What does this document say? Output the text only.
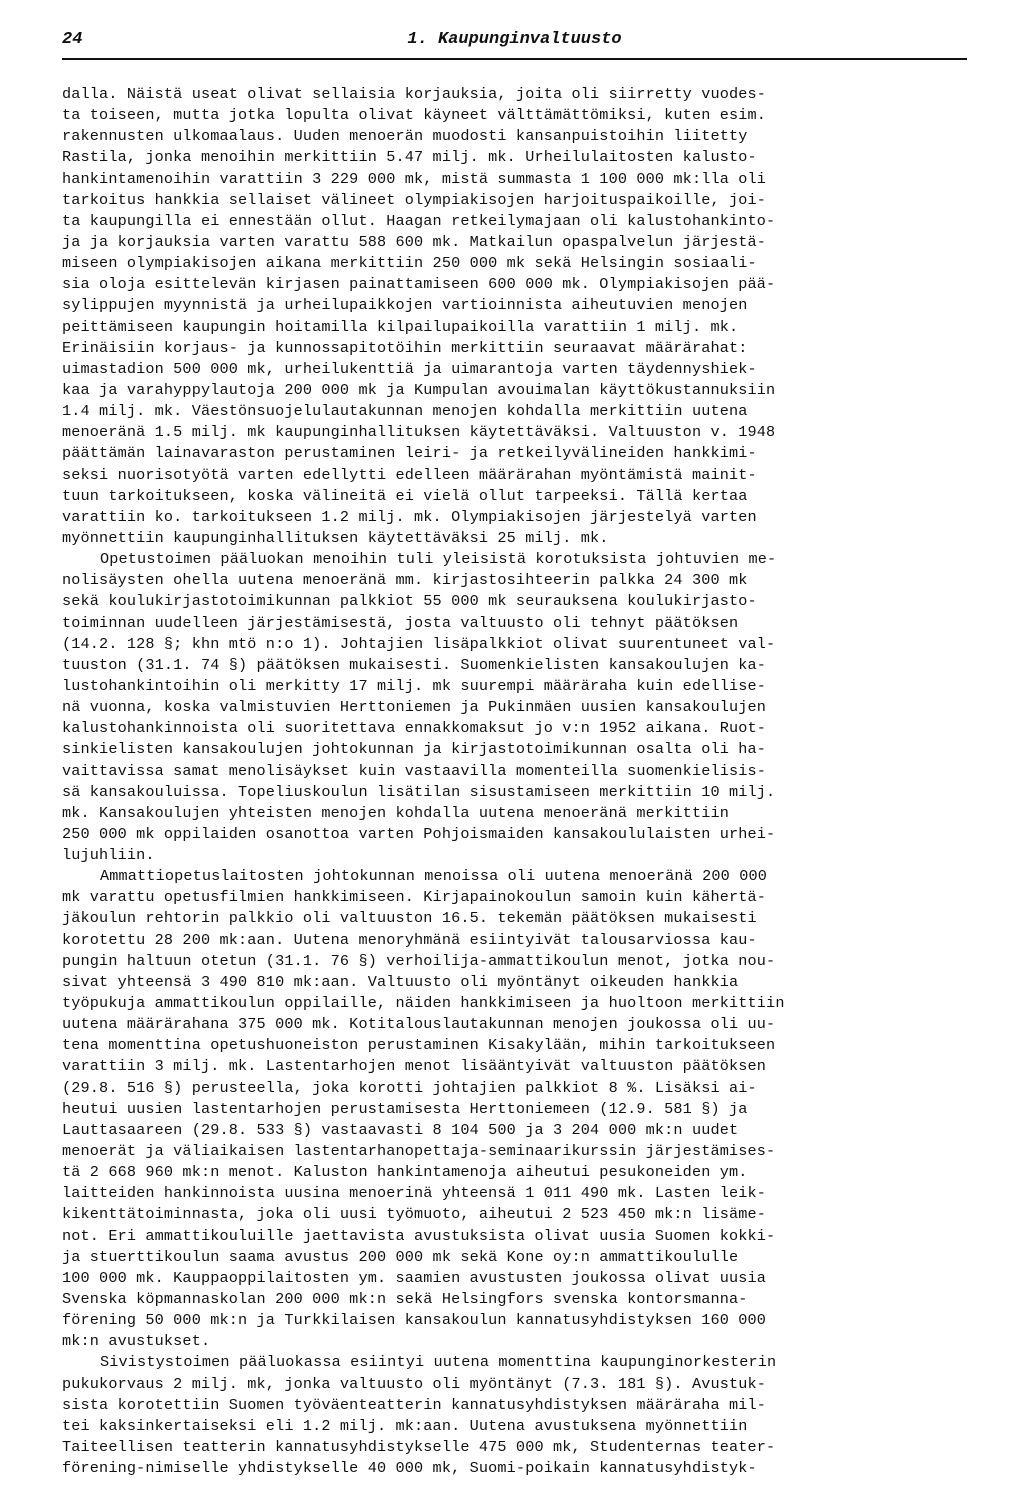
24	1. Kaupunginvaltuusto
dalla. Näistä useat olivat sellaisia korjauksia, joita oli siirretty vuodes-
ta toiseen, mutta jotka lopulta olivat käyneet välttämättömiksi, kuten esim.
rakennusten ulkomaalaus. Uuden menoerän muodosti kansanpuistoihin liitetty
Rastila, jonka menoihin merkittiin 5.47 milj. mk. Urheilulaitosten kalusto-
hankintamenoihin varattiin 3 229 000 mk, mistä summasta 1 100 000 mk:lla oli
tarkoitus hankkia sellaiset välineet olympiakisojen harjoituspaikoille, joi-
ta kaupungilla ei ennestään ollut. Haagan retkeilymajaan oli kalustohankinto-
ja ja korjauksia varten varattu 588 600 mk. Matkailun opaspalvelun järjestä-
miseen olympiakisojen aikana merkittiin 250 000 mk sekä Helsingin sosiaali-
sia oloja esittelevän kirjasen painattamiseen 600 000 mk. Olympiakisojen pää-
sylippujen myynnistä ja urheilupaikkojen vartioinnista aiheutuvien menojen
peittämiseen kaupungin hoitamilla kilpailupaikoilla varattiin 1 milj. mk.
Erinäisiin korjaus- ja kunnossapitotöihin merkittiin seuraavat määrärahat:
uimastadion 500 000 mk, urheilukenttiä ja uimarantoja varten täydennyshiek-
kaa ja varahyppylautoja 200 000 mk ja Kumpulan avouimalan käyttökustannuksiin
1.4 milj. mk. Väestönsuojelulautakunnan menojen kohdalla merkittiin uutena
menoeränä 1.5 milj. mk kaupunginhallituksen käytettäväksi. Valtuuston v. 1948
päättämän lainavaraston perustaminen leiri- ja retkeilyvälineiden hankkimi-
seksi nuorisotyötä varten edellytti edelleen määrärahan myöntämistä mainit-
tuun tarkoitukseen, koska välineitä ei vielä ollut tarpeeksi. Tällä kertaa
varattiin ko. tarkoitukseen 1.2 milj. mk. Olympiakisojen järjestelyä varten
myönnettiin kaupunginhallituksen käytettäväksi 25 milj. mk.
Opetustoimen pääluokan menoihin tuli yleisistä korotuksista johtuvien me-
nolisäysten ohella uutena menoeränä mm. kirjastosihteerin palkka 24 300 mk
sekä koulukirjastotoimikunnan palkkiot 55 000 mk seurauksena koulukirjasto-
toiminnan uudelleen järjestämisestä, josta valtuusto oli tehnyt päätöksen
(14.2. 128 §; khn mtö n:o 1). Johtajien lisäpalkkiot olivat suurentuneet val-
tuuston (31.1. 74 §) päätöksen mukaisesti. Suomenkielisten kansakoulujen ka-
lustohankintoihin oli merkitty 17 milj. mk suurempi määräraha kuin edellise-
nä vuonna, koska valmistuvien Herttoniemen ja Pukinmäen uusien kansakoulujen
kalustohankinnoista oli suoritettava ennakkomaksut jo v:n 1952 aikana. Ruot-
sinkielisten kansakoulujen johtokunnan ja kirjastotoimikunnan osalta oli ha-
vaittavissa samat menolisäykset kuin vastaavilla momenteilla suomenkielisis-
sä kansakouluissa. Topeliuskoulun lisätilan sisustamiseen merkittiin 10 milj.
mk. Kansakoulujen yhteisten menojen kohdalla uutena menoeränä merkittiin
250 000 mk oppilaiden osanottoa varten Pohjoismaiden kansakoululaisten urhei-
lujuhliin.
Ammattiopetuslaitosten johtokunnan menoissa oli uutena menoeränä 200 000
mk varattu opetusfilmien hankkimiseen. Kirjapainokoulun samoin kuin kähertä-
jäkoulun rehtorin palkkio oli valtuuston 16.5. tekemän päätöksen mukaisesti
korotettu 28 200 mk:aan. Uutena menoryhmänä esiintyivät talousarviossa kau-
pungin haltuun otetun (31.1. 76 §) verhoilija-ammattikoulun menot, jotka nou-
sivat yhteensä 3 490 810 mk:aan. Valtuusto oli myöntänyt oikeuden hankkia
työpukuja ammattikoulun oppilaille, näiden hankkimiseen ja huoltoon merkittiin
uutena määrärahana 375 000 mk. Kotitalouslautakunnan menojen joukossa oli uu-
tena momenttina opetushuoneiston perustaminen Kisakylään, mihin tarkoitukseen
varattiin 3 milj. mk. Lastentarhojen menot lisääntyivät valtuuston päätöksen
(29.8. 516 §) perusteella, joka korotti johtajien palkkiot 8 %. Lisäksi ai-
heutui uusien lastentarhojen perustamisesta Herttoniemeen (12.9. 581 §) ja
Lauttasaareen (29.8. 533 §) vastaavasti 8 104 500 ja 3 204 000 mk:n uudet
menoerät ja väliaikaisen lastentarhanopettaja-seminaarikurssin järjestämises-
tä 2 668 960 mk:n menot. Kaluston hankintamenoja aiheutui pesukoneiden ym.
laitteiden hankinnoista uusina menoerinä yhteensä 1 011 490 mk. Lasten leik-
kikenttätoiminnasta, joka oli uusi työmuoto, aiheutui 2 523 450 mk:n lisäme-
not. Eri ammattikouluille jaettavista avustuksista olivat uusia Suomen kokki-
ja stuerttikoulun saama avustus 200 000 mk sekä Kone oy:n ammattikoululle
100 000 mk. Kauppaoppilaitosten ym. saamien avustusten joukossa olivat uusia
Svenska köpmannaskolan 200 000 mk:n sekä Helsingfors svenska kontorsmanna-
förening 50 000 mk:n ja Turkkilaisen kansakoulun kannatusyhdistyksen 160 000
mk:n avustukset.
Sivistystoimen pääluokassa esiintyi uutena momenttina kaupunginorkesterin
pukukorvaus 2 milj. mk, jonka valtuusto oli myöntänyt (7.3. 181 §). Avustuk-
sista korotettiin Suomen työväenteatterin kannatusyhdistyksen määräraha mil-
tei kaksinkertaiseksi eli 1.2 milj. mk:aan. Uutena avustuksena myönnettiin
Taiteellisen teatterin kannatusyhdistykselle 475 000 mk, Studenternas teater-
förening-nimiselle yhdistykselle 40 000 mk, Suomi-poikain kannatusyhdistyk-
